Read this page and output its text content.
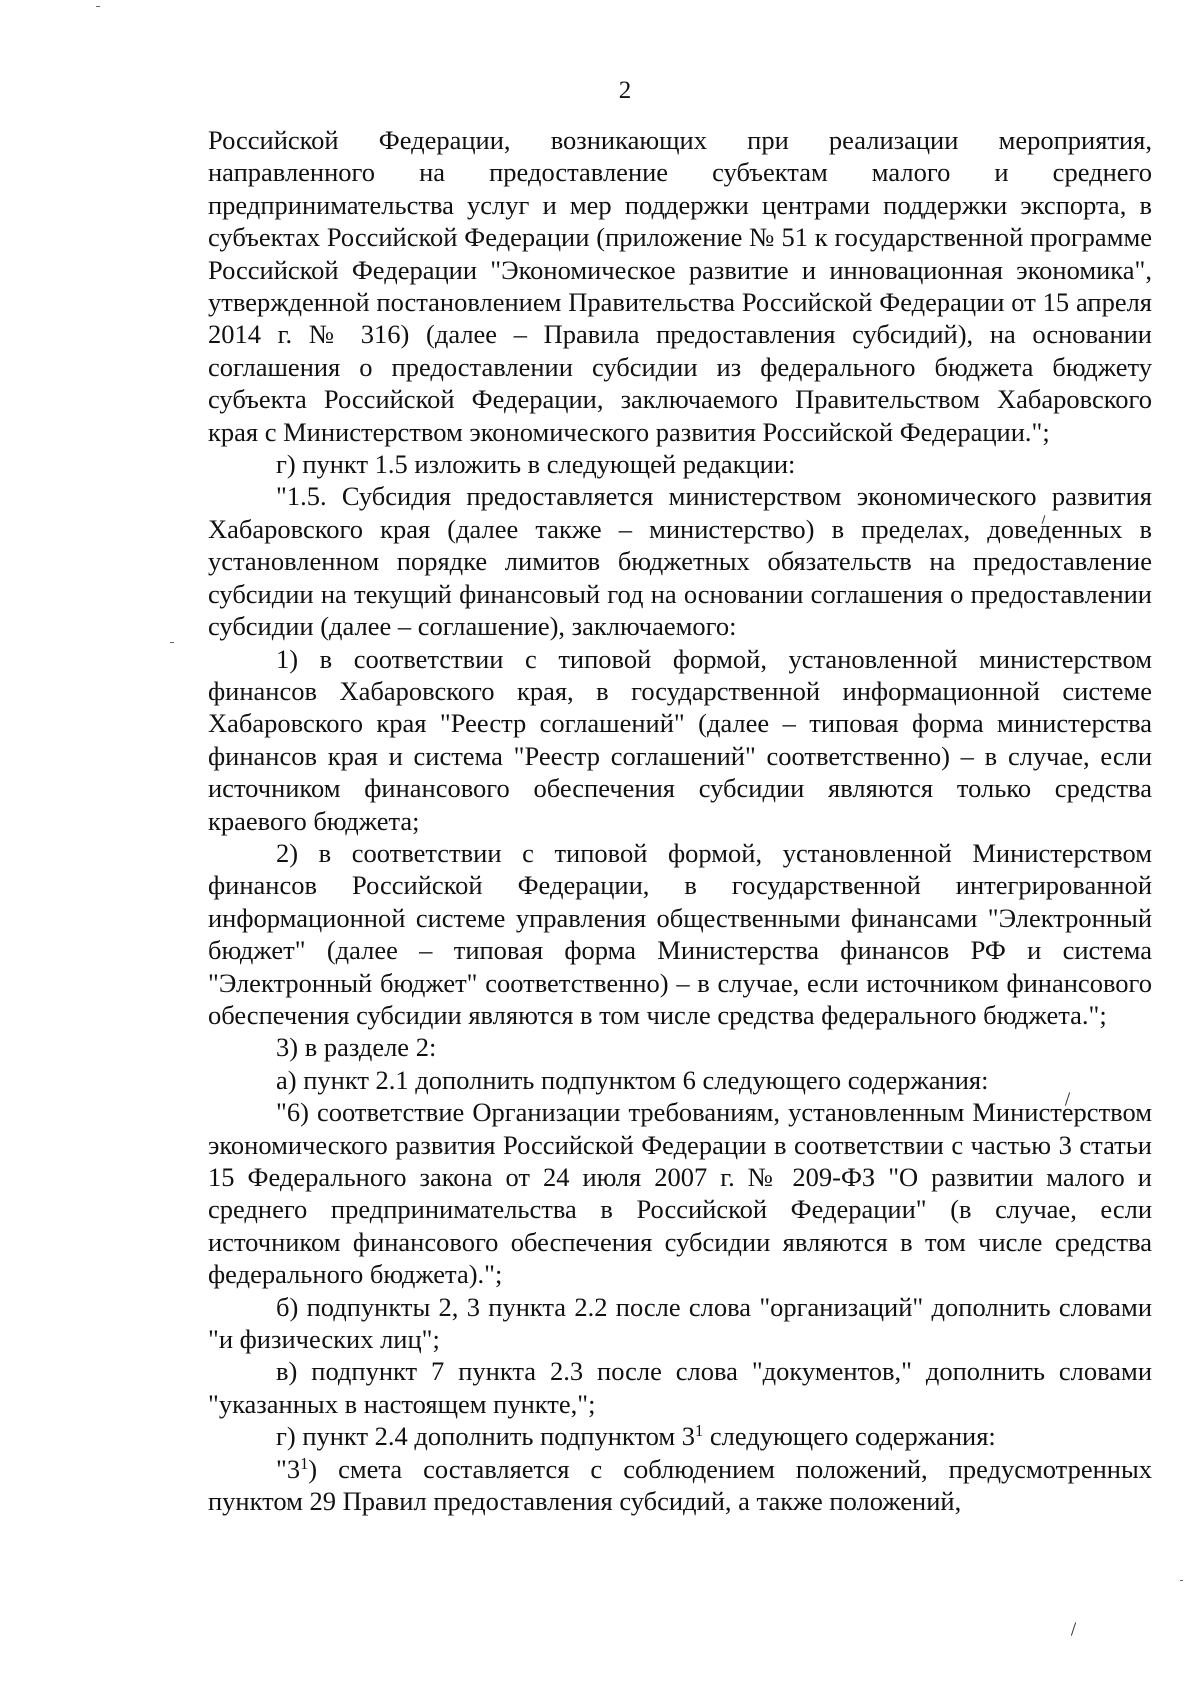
2

Российской Федерации, возникающих при реализации мероприятия, направленного на предоставление субъектам малого и среднего предпринимательства услуг и мер поддержки центрами поддержки экспорта, в субъектах Российской Федерации (приложение № 51 к государственной программе Российской Федерации "Экономическое развитие и инновационная экономика", утвержденной постановлением Правительства Российской Федерации от 15 апреля 2014 г. № 316) (далее – Правила предоставления субсидий), на основании соглашения о предоставлении субсидии из федерального бюджета бюджету субъекта Российской Федерации, заключаемого Правительством Хабаровского края с Министерством экономического развития Российской Федерации.";

г) пункт 1.5 изложить в следующей редакции:

"1.5. Субсидия предоставляется министерством экономического развития Хабаровского края (далее также – министерство) в пределах, доведенных в установленном порядке лимитов бюджетных обязательств на предоставление субсидии на текущий финансовый год на основании соглашения о предоставлении субсидии (далее – соглашение), заключаемого:

1) в соответствии с типовой формой, установленной министерством финансов Хабаровского края, в государственной информационной системе Хабаровского края "Реестр соглашений" (далее – типовая форма министерства финансов края и система "Реестр соглашений" соответственно) – в случае, если источником финансового обеспечения субсидии являются только средства краевого бюджета;

2) в соответствии с типовой формой, установленной Министерством финансов Российской Федерации, в государственной интегрированной информационной системе управления общественными финансами "Электронный бюджет" (далее – типовая форма Министерства финансов РФ и система "Электронный бюджет" соответственно) – в случае, если источником финансового обеспечения субсидии являются в том числе средства федерального бюджета.";

3) в разделе 2:

а) пункт 2.1 дополнить подпунктом 6 следующего содержания:

"6) соответствие Организации требованиям, установленным Министерством экономического развития Российской Федерации в соответствии с частью 3 статьи 15 Федерального закона от 24 июля 2007 г. № 209-ФЗ "О развитии малого и среднего предпринимательства в Российской Федерации" (в случае, если источником финансового обеспечения субсидии являются в том числе средства федерального бюджета).";

б) подпункты 2, 3 пункта 2.2 после слова "организаций" дополнить словами "и физических лиц";

в) подпункт 7 пункта 2.3 после слова "документов," дополнить словами "указанных в настоящем пункте,";

г) пункт 2.4 дополнить подпунктом $3^1$ следующего содержания:

"$3^1$) смета составляется с соблюдением положений, предусмотренных пунктом 29 Правил предоставления субсидий, а также положений,
